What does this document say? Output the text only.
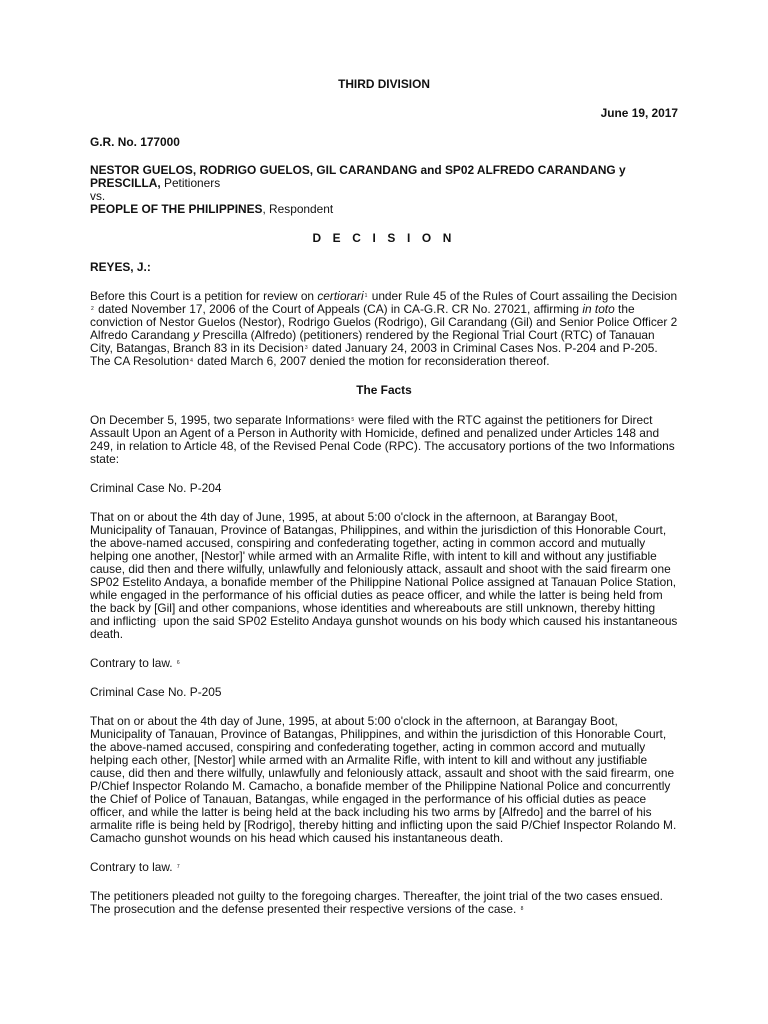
THIRD DIVISION

June 19, 2017

G.R. No. 177000

NESTOR GUELOS, RODRIGO GUELOS, GIL CARANDANG and SP02 ALFREDO CARANDANG y PRESCILLA, Petitioners

vs.

PEOPLE OF THE PHILIPPINES, Respondent

D E C I S I O N

REYES, J.:

Before this Court is a petition for review on certiorari1 under Rule 45 of the Rules of Court assailing the Decision2 dated November 17, 2006 of the Court of Appeals (CA) in CA-G.R. CR No. 27021, affirming in toto the conviction of Nestor Guelos (Nestor), Rodrigo Guelos (Rodrigo), Gil Carandang (Gil) and Senior Police Officer 2 Alfredo Carandang y Prescilla (Alfredo) (petitioners) rendered by the Regional Trial Court (RTC) of Tanauan City, Batangas, Branch 83 in its Decision3 dated January 24, 2003 in Criminal Cases Nos. P-204 and P-205. The CA Resolution4 dated March 6, 2007 denied the motion for reconsideration thereof.

The Facts

On December 5, 1995, two separate Informations5 were filed with the RTC against the petitioners for Direct Assault Upon an Agent of a Person in Authority with Homicide, defined and penalized under Articles 148 and 249, in relation to Article 48, of the Revised Penal Code (RPC). The accusatory portions of the two Informations state:

Criminal Case No. P-204

That on or about the 4th day of June, 1995, at about 5:00 o'clock in the afternoon, at Barangay Boot, Municipality of Tanauan, Province of Batangas, Philippines, and within the jurisdiction of this Honorable Court, the above-named accused, conspiring and confederating together, acting in common accord and mutually helping one another, [Nestor]' while armed with an Armalite Rifle, with intent to kill and without any justifiable cause, did then and there wilfully, unlawfully and feloniously attack, assault and shoot with the said firearm one SP02 Estelito Andaya, a bonafide member of the Philippine National Police assigned at Tanauan Police Station, while engaged in the performance of his official duties as peace officer, and while the latter is being held from the back by [Gil] and other companions, whose identities and whereabouts are still unknown, thereby hitting and inflicting· upon the said SP02 Estelito Andaya gunshot wounds on his body which caused his instantaneous death.

Contrary to law. 6

Criminal Case No. P-205

That on or about the 4th day of June, 1995, at about 5:00 o'clock in the afternoon, at Barangay Boot, Municipality of Tanauan, Province of Batangas, Philippines, and within the jurisdiction of this Honorable Court, the above-named accused, conspiring and confederating together, acting in common accord and mutually helping each other, [Nestor] while armed with an Armalite Rifle, with intent to kill and without any justifiable cause, did then and there wilfully, unlawfully and feloniously attack, assault and shoot with the said firearm, one P/Chief Inspector Rolando M. Camacho, a bonafide member of the Philippine National Police and concurrently the Chief of Police of Tanauan, Batangas, while engaged in the performance of his official duties as peace officer, and while the latter is being held at the back including his two arms by [Alfredo] and the barrel of his armalite rifle is being held by [Rodrigo], thereby hitting and inflicting upon the said P/Chief Inspector Rolando M. Camacho gunshot wounds on his head which caused his instantaneous death.

Contrary to law. 7

The petitioners pleaded not guilty to the foregoing charges. Thereafter, the joint trial of the two cases ensued. The prosecution and the defense presented their respective versions of the case. 8
